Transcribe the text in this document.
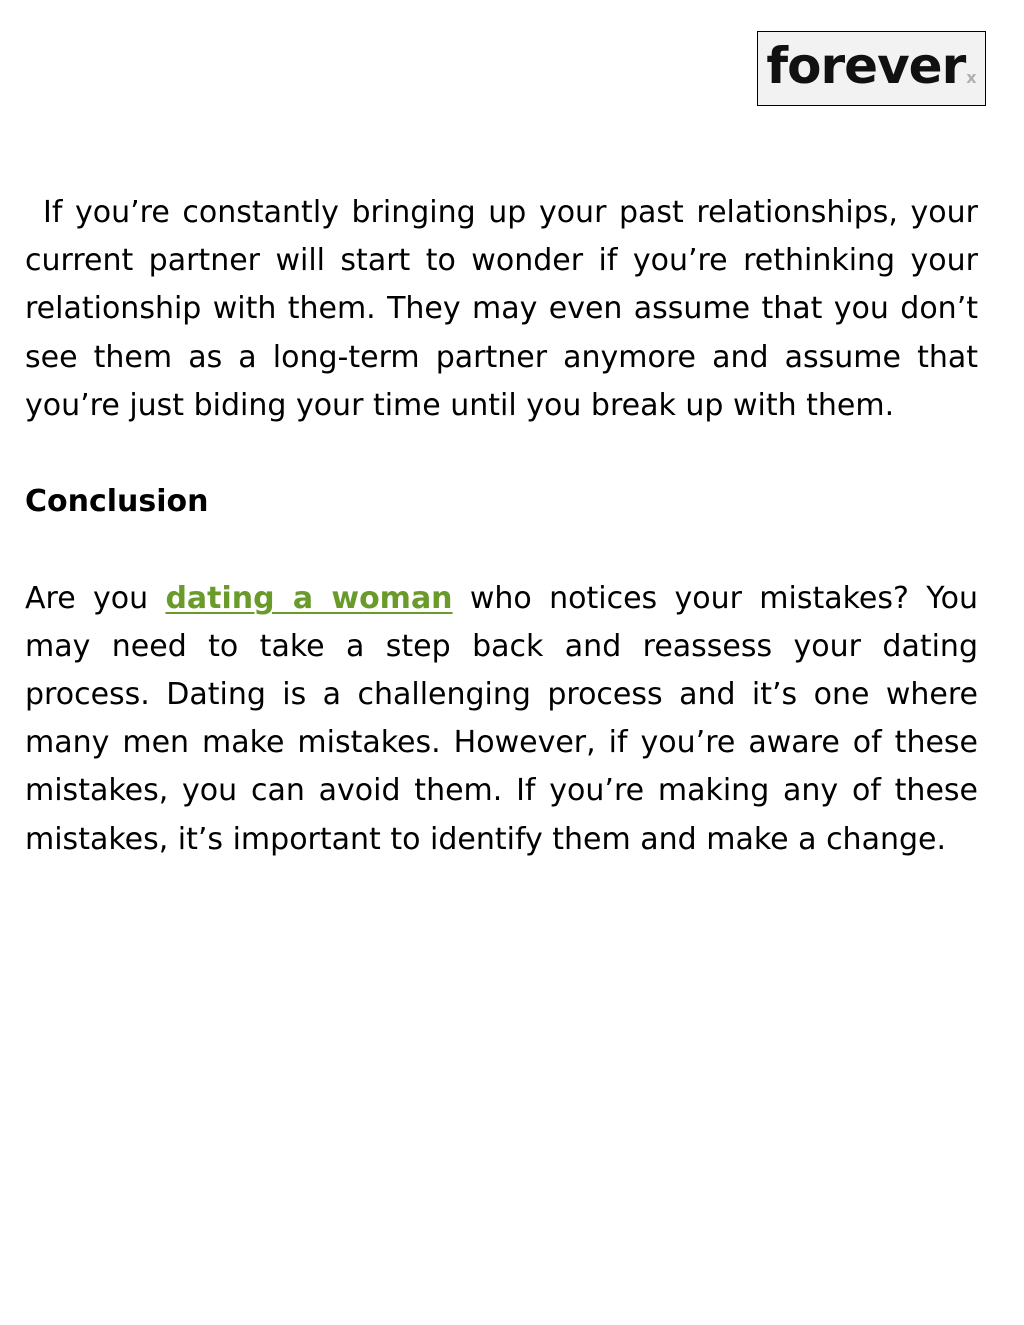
forever x

If you’re constantly bringing up your past relationships, your current partner will start to wonder if you’re rethinking your relationship with them. They may even assume that you don’t see them as a long-term partner anymore and assume that you’re just biding your time until you break up with them.

Conclusion

Are you dating a woman who notices your mistakes? You may need to take a step back and reassess your dating process. Dating is a challenging process and it’s one where many men make mistakes. However, if you’re aware of these mistakes, you can avoid them. If you’re making any of these mistakes, it’s important to identify them and make a change.
